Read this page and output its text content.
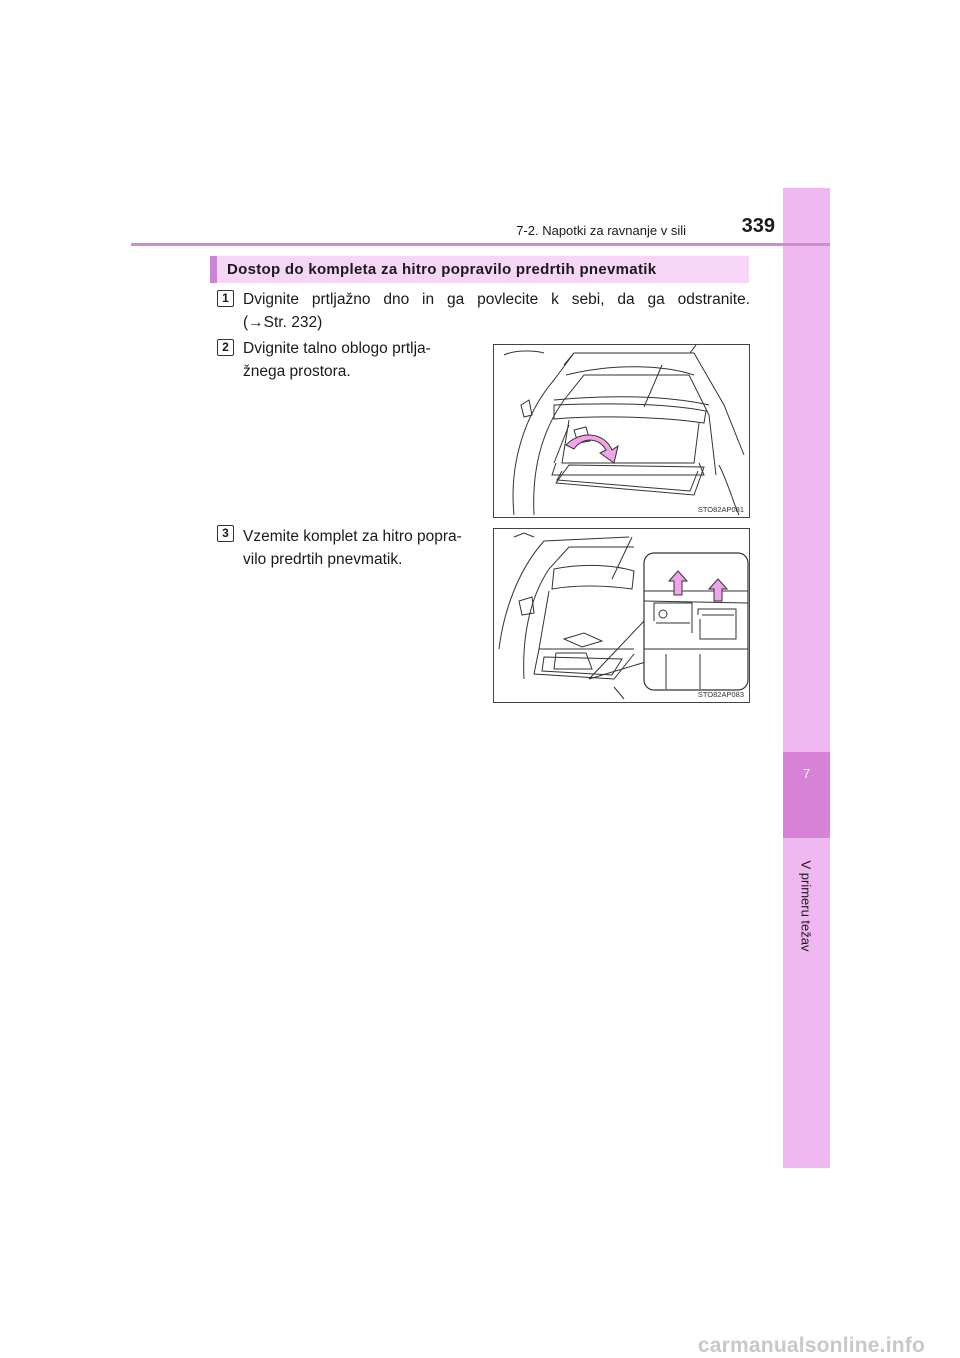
7
V primeru težav
7-2. Napotki za ravnanje v sili	339
Dostop do kompleta za hitro popravilo predrtih pnevmatik
1 Dvignite prtljažno dno in ga povlecite k sebi, da ga odstranite.
(→Str. 232)
2 Dvignite talno oblogo prtlja-žnega prostora.
3 Vzemite komplet za hitro popra-vilo predrtih pnevmatik.
STO82AP081
STO82AP083
carmanualsonline.info
